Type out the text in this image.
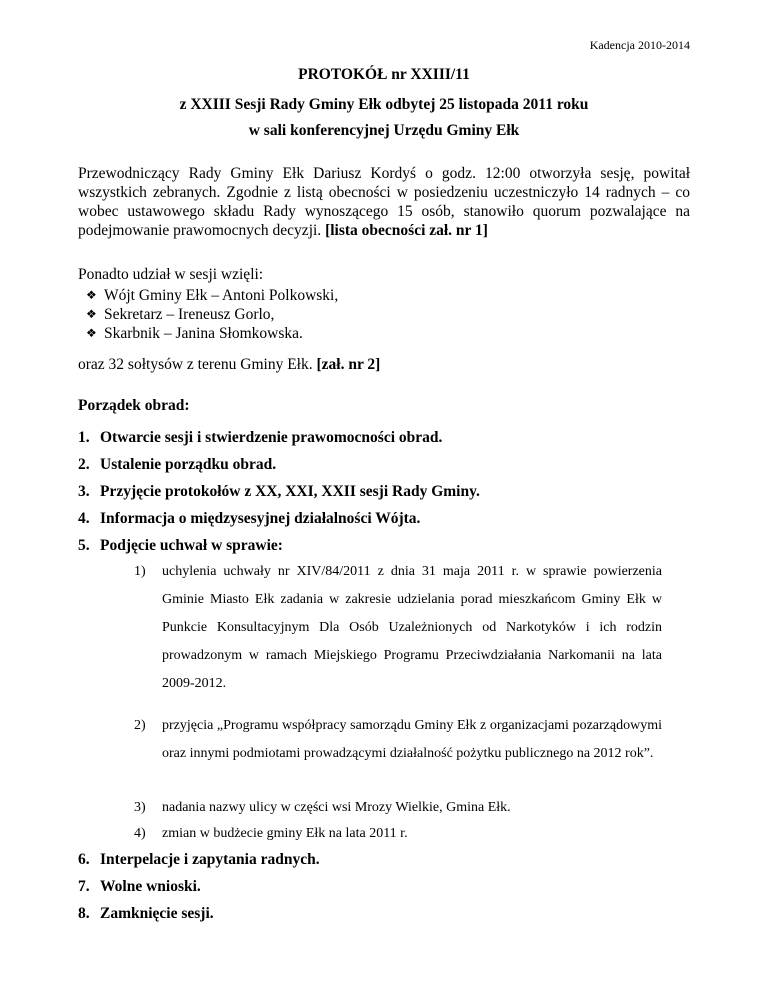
Kadencja 2010-2014
PROTOKÓŁ nr XXIII/11
z XXIII Sesji Rady Gminy Ełk odbytej 25 listopada 2011 roku
w sali konferencyjnej Urzędu Gminy Ełk
Przewodniczący Rady Gminy Ełk Dariusz Kordyś o godz. 12:00 otworzyła sesję, powitał wszystkich zebranych. Zgodnie z listą obecności w posiedzeniu uczestniczyło 14 radnych – co wobec ustawowego składu Rady wynoszącego 15 osób, stanowiło quorum pozwalające na podejmowanie prawomocnych decyzji. [lista obecności zał. nr 1]
Ponadto udział w sesji wzięli:
❖ Wójt Gminy Ełk – Antoni Polkowski,
❖ Sekretarz – Ireneusz Gorlo,
❖ Skarbnik – Janina Słomkowska.
oraz 32 sołtysów z terenu Gminy Ełk. [zał. nr 2]
Porządek obrad:
1. Otwarcie sesji i stwierdzenie prawomocności obrad.
2. Ustalenie porządku obrad.
3. Przyjęcie protokołów z XX, XXI, XXII sesji Rady Gminy.
4. Informacja o międzysesyjnej działalności Wójta.
5. Podjęcie uchwał w sprawie:
1) uchylenia uchwały nr XIV/84/2011 z dnia 31 maja 2011 r. w sprawie powierzenia Gminie Miasto Ełk zadania w zakresie udzielania porad mieszkańcom Gminy Ełk w Punkcie Konsultacyjnym Dla Osób Uzależnionych od Narkotyków i ich rodzin prowadzonym w ramach Miejskiego Programu Przeciwdziałania Narkomanii na lata 2009-2012.
2) przyjęcia „Programu współpracy samorządu Gminy Ełk z organizacjami pozarządowymi oraz innymi podmiotami prowadzącymi działalność pożytku publicznego na 2012 rok”.
3) nadania nazwy ulicy w części wsi Mrozy Wielkie, Gmina Ełk.
4) zmian w budżecie gminy Ełk na lata 2011 r.
6. Interpelacje i zapytania radnych.
7. Wolne wnioski.
8. Zamknięcie sesji.
